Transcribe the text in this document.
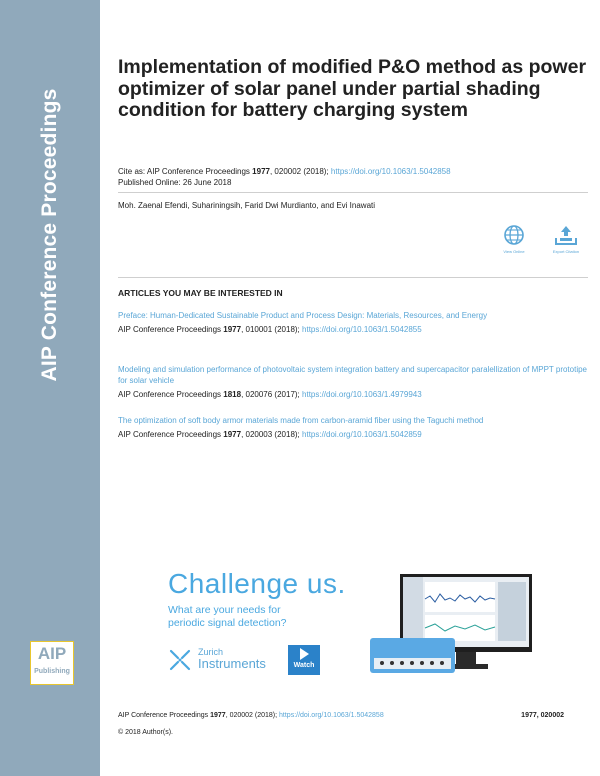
AIP Conference Proceedings
AIP
Publishing
Implementation of modified P&O method as power optimizer of solar panel under partial shading condition for battery charging system
Cite as: AIP Conference Proceedings 1977, 020002 (2018); https://doi.org/10.1063/1.5042858
Published Online: 26 June 2018
Moh. Zaenal Efendi, Suhariningsih, Farid Dwi Murdianto, and Evi Inawati
View Online	Export Citation
ARTICLES YOU MAY BE INTERESTED IN
Preface: Human-Dedicated Sustainable Product and Process Design: Materials, Resources, and Energy
AIP Conference Proceedings 1977, 010001 (2018); https://doi.org/10.1063/1.5042855
Modeling and simulation performance of photovoltaic system integration battery and supercapacitor paralellization of MPPT prototipe for solar vehicle
AIP Conference Proceedings 1818, 020076 (2017); https://doi.org/10.1063/1.4979943
The optimization of soft body armor materials made from carbon-aramid fiber using the Taguchi method
AIP Conference Proceedings 1977, 020003 (2018); https://doi.org/10.1063/1.5042859
Challenge us.
What are your needs for periodic signal detection?
Zurich
Instruments	Watch
AIP Conference Proceedings 1977, 020002 (2018); https://doi.org/10.1063/1.5042858	1977, 020002
© 2018 Author(s).
